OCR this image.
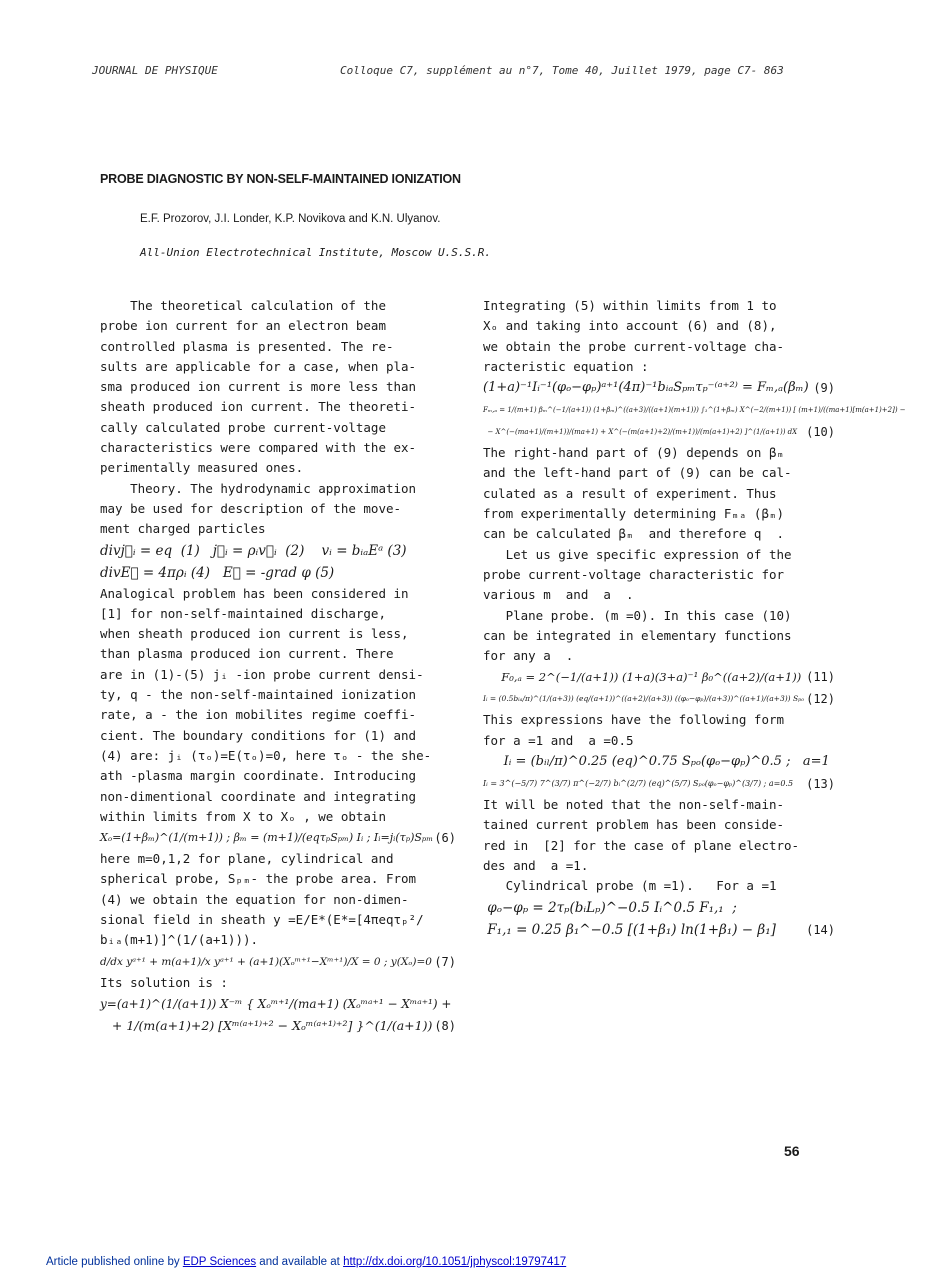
JOURNAL DE PHYSIQUE	Colloque C7, supplément au n°7, Tome 40, Juillet 1979, page C7- 863
PROBE DIAGNOSTIC BY NON-SELF-MAINTAINED IONIZATION
E.F. Prozorov, J.I. Londer, K.P. Novikova and K.N. Ulyanov.
All-Union Electrotechnical Institute, Moscow U.S.S.R.
The theoretical calculation of the
probe ion current for an electron beam
controlled plasma is presented. The re-
sults are applicable for a case, when pla-
sma produced ion current is more less than
sheath produced ion current. The theoreti-
cally calculated probe current-voltage
characteristics were compared with the ex-
perimentally measured ones.
Theory. The hydrodynamic approximation
may be used for description of the move-
ment charged particles
divj⃗ᵢ = eq  (1)   j⃗ᵢ = ρᵢv⃗ᵢ  (2)    vᵢ = bᵢₐEᵃ (3)
divE⃗ = 4πρᵢ (4)   E⃗ = -grad φ (5)
Analogical problem has been considered in
[1] for non-self-maintained discharge,
when sheath produced ion current is less,
than plasma produced ion current. There
are in (1)-(5) jᵢ -ion probe current densi-
ty, q - the non-self-maintained ionization
rate, a - the ion mobilites regime coeffi-
cient. The boundary conditions for (1) and
(4) are: jᵢ (τₒ)=E(τₒ)=0, here τₒ - the she-
ath -plasma margin coordinate. Introducing
non-dimentional coordinate and integrating
within limits from X to Xₒ , we obtain
Xₒ=(1+βₘ)^(1/(m+1)) ; βₘ = (m+1)/(eqτₚSₚₘ) Iᵢ ; Iᵢ=jᵢ(τₚ)Sₚₘ (6)
here m=0,1,2 for plane, cylindrical and
spherical probe, Sₚₘ- the probe area. From
(4) we obtain the equation for non-dimen-
sional field in sheath y =E/E*(E*=[4πeqτₚ²/
bᵢₐ(m+1)]^(1/(a+1))).
d/dx yᵃ⁺¹ + m(a+1)/x yᵃ⁺¹ + (a+1)(Xₒᵐ⁺¹−Xᵐ⁺¹)/X = 0 ; y(Xₒ)=0 (7)
Its solution is :
y=(a+1)^(1/(a+1)) X⁻ᵐ { Xₒᵐ⁺¹/(ma+1) (Xₒᵐᵃ⁺¹ − Xᵐᵃ⁺¹) +
+ 1/(m(a+1)+2) [Xᵐ⁽ᵃ⁺¹⁾⁺² − Xₒᵐ⁽ᵃ⁺¹⁾⁺²] }^(1/(a+1)) (8)
Integrating (5) within limits from 1 to
Xₒ and taking into account (6) and (8),
we obtain the probe current-voltage cha-
racteristic equation :
(1+a)⁻¹Iᵢ⁻¹(φₒ−φₚ)ᵃ⁺¹(4π)⁻¹bᵢₐSₚₘτₚ⁻⁽ᵃ⁺²⁾ = Fₘ,ₐ(βₘ) (9)
Fₘ,ₐ = 1/(m+1) βₘ^(−1/(a+1)) (1+βₘ)^((a+3)/((a+1)(m+1))) ∫₁^(1+βₘ) X^(−2/(m+1)) [ (m+1)/((ma+1)[m(a+1)+2]) −
− X^(−(ma+1)/(m+1))/(ma+1) + X^(−(m(a+1)+2)/(m+1))/(m(a+1)+2) ]^(1/(a+1)) dX (10)
The right-hand part of (9) depends on βₘ
and the left-hand part of (9) can be cal-
culated as a result of experiment. Thus
from experimentally determining Fₘₐ (βₘ)
can be calculated βₘ  and therefore q  .
Let us give specific expression of the
probe current-voltage characteristic for
various m  and  a  .
Plane probe. (m =0). In this case (10)
can be integrated in elementary functions
for any a  .
F₀,ₐ = 2^(−1/(a+1)) (1+a)(3+a)⁻¹ β₀^((a+2)/(a+1)) (11)
Iᵢ = (0.5bᵢₐ/π)^(1/(a+3)) (eq/(a+1))^((a+2)/(a+3)) ((φₒ−φₚ)/(a+3))^((a+1)/(a+3)) Sₚₒ (12)
This expressions have the following form
for a =1 and  a =0.5
Iᵢ = (bᵢₗ/π)^0.25 (eq)^0.75 Sₚₒ(φₒ−φₚ)^0.5 ;   a=1
Iᵢ = 3^(−5/7) 7^(3/7) π^(−2/7) bᵢ^(2/7) (eq)^(5/7) Sₚₒ(φₒ−φₚ)^(3/7) ; a=0.5 (13)
It will be noted that the non-self-main-
tained current problem has been conside-
red in  [2] for the case of plane electro-
des and  a =1.
Cylindrical probe (m =1).   For a =1
φₒ−φₚ = 2τₚ(bᵢLₚ)^−0.5 Iᵢ^0.5 F₁,₁  ;
F₁,₁ = 0.25 β₁^−0.5 [(1+β₁) ln(1+β₁) − β₁]	(14)
56
Article published online by EDP Sciences and available at http://dx.doi.org/10.1051/jphyscol:19797417
